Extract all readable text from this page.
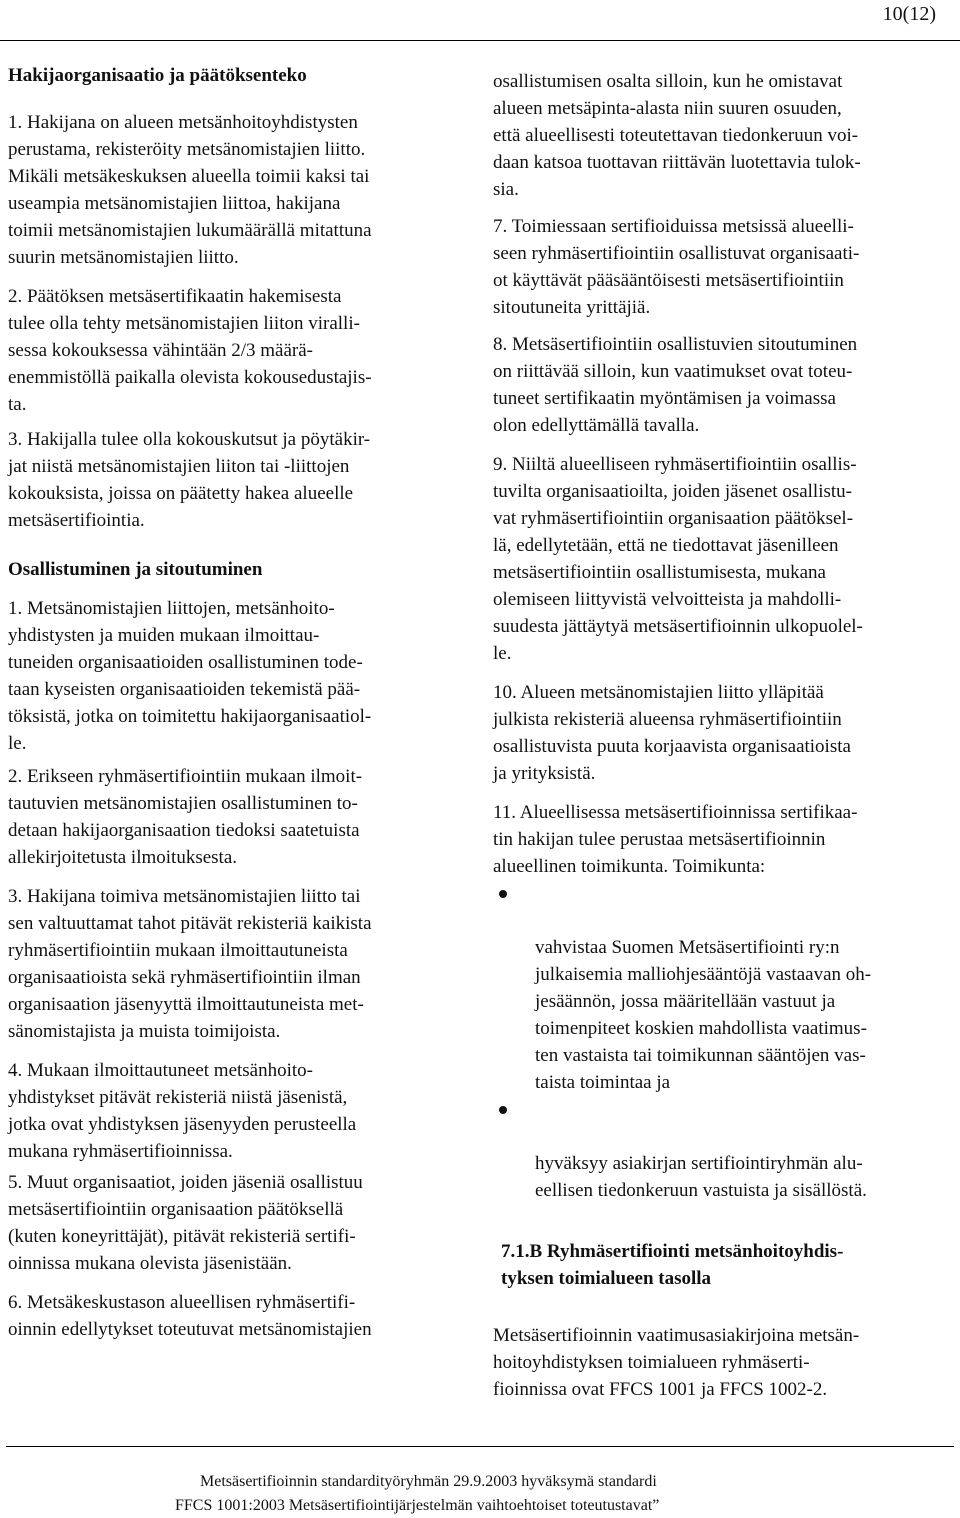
10(12)

Hakijaorganisaatio ja päätöksenteko

1. Hakijana on alueen metsänhoitoyhdistysten
perustama, rekisteröity metsänomistajien liitto.
Mikäli metsäkeskuksen alueella toimii kaksi tai
useampia metsänomistajien liittoa, hakijana
toimii metsänomistajien lukumäärällä mitattuna
suurin metsänomistajien liitto.

2. Päätöksen metsäsertifikaatin hakemisesta
tulee olla tehty metsänomistajien liiton viralli-
sessa kokouksessa vähintään 2/3 määrä-
enemmistöllä paikalla olevista kokousedustajis-
ta.

3. Hakijalla tulee olla kokouskutsut ja pöytäkir-
jat niistä metsänomistajien liiton tai -liittojen
kokouksista, joissa on päätetty hakea alueelle
metsäsertifiointia.

Osallistuminen ja sitoutuminen

1. Metsänomistajien liittojen, metsänhoito-
yhdistysten ja muiden mukaan ilmoittau-
tuneiden organisaatioiden osallistuminen tode-
taan kyseisten organisaatioiden tekemistä pää-
töksistä, jotka on toimitettu hakijaorganisaatiol-
le.

2. Erikseen ryhmäsertifiointiin mukaan ilmoit-
tautuvien metsänomistajien osallistuminen to-
detaan hakijaorganisaation tiedoksi saatetuista
allekirjoitetusta ilmoituksesta.

3. Hakijana toimiva metsänomistajien liitto tai
sen valtuuttamat tahot pitävät rekisteriä kaikista
ryhmäsertifiointiin mukaan ilmoittautuneista
organisaatioista sekä ryhmäsertifiointiin ilman
organisaation jäsenyyttä ilmoittautuneista met-
sänomistajista ja muista toimijoista.

4. Mukaan ilmoittautuneet metsänhoito-
yhdistykset pitävät rekisteriä niistä jäsenistä,
jotka ovat yhdistyksen jäsenyyden perusteella
mukana ryhmäsertifioinnissa.

5. Muut organisaatiot, joiden jäseniä osallistuu
metsäsertifiointiin organisaation päätöksellä
(kuten koneyrittäjät), pitävät rekisteriä sertifi-
oinnissa mukana olevista jäsenistään.

6. Metsäkeskustason alueellisen ryhmäsertifi-
oinnin edellytykset toteutuvat metsänomistajien

osallistumisen osalta silloin, kun he omistavat
alueen metsäpinta-alasta niin suuren osuuden,
että alueellisesti toteutettavan tiedonkeruun voi-
daan katsoa tuottavan riittävän luotettavia tulok-
sia.

7. Toimiessaan sertifioiduissa metsissä alueelli-
seen ryhmäsertifiointiin osallistuvat organisaati-
ot käyttävät pääsääntöisesti metsäsertifiointiin
sitoutuneita yrittäjiä.

8. Metsäsertifiointiin osallistuvien sitoutuminen
on riittävää silloin, kun vaatimukset ovat toteu-
tuneet sertifikaatin myöntämisen ja voimassa
olon edellyttämällä tavalla.

9. Niiltä alueelliseen ryhmäsertifiointiin osallis-
tuvilta organisaatioilta, joiden jäsenet osallistu-
vat ryhmäsertifiointiin organisaation päätöksel-
lä, edellytetään, että ne tiedottavat jäsenilleen
metsäsertifiointiin osallistumisesta, mukana
olemiseen liittyvistä velvoitteista ja mahdolli-
suudesta jättäytyä metsäsertifioinnin ulkopuolel-
le.

10. Alueen metsänomistajien liitto ylläpitää
julkista rekisteriä alueensa ryhmäsertifiointiin
osallistuvista puuta korjaavista organisaatioista
ja yrityksistä.

11. Alueellisessa metsäsertifioinnissa sertifikaa-
tin hakijan tulee perustaa metsäsertifioinnin
alueellinen toimikunta. Toimikunta:

vahvistaa Suomen Metsäsertifiointi ry:n
julkaisemia malliohjesääntöjä vastaavan oh-
jesäännön, jossa määritellään vastuut ja
toimenpiteet koskien mahdollista vaatimus-
ten vastaista tai toimikunnan sääntöjen vas-
taista toimintaa ja

hyväksyy asiakirjan sertifiointiryhmän alu-
eellisen tiedonkeruun vastuista ja sisällöstä.

7.1.B Ryhmäsertifiointi metsänhoitoyhdis-
tyksen toimialueen tasolla

Metsäsertifioinnin vaatimusasiakirjoina metsän-
hoitoyhdistyksen toimialueen ryhmäserti-
fioinnissa ovat FFCS 1001 ja FFCS 1002-2.

Metsäsertifioinnin standardityöryhmän 29.9.2003 hyväksymä standardi

FFCS 1001:2003 Metsäsertifiointijärjestelmän vaihtoehtoiset toteutustavat”
